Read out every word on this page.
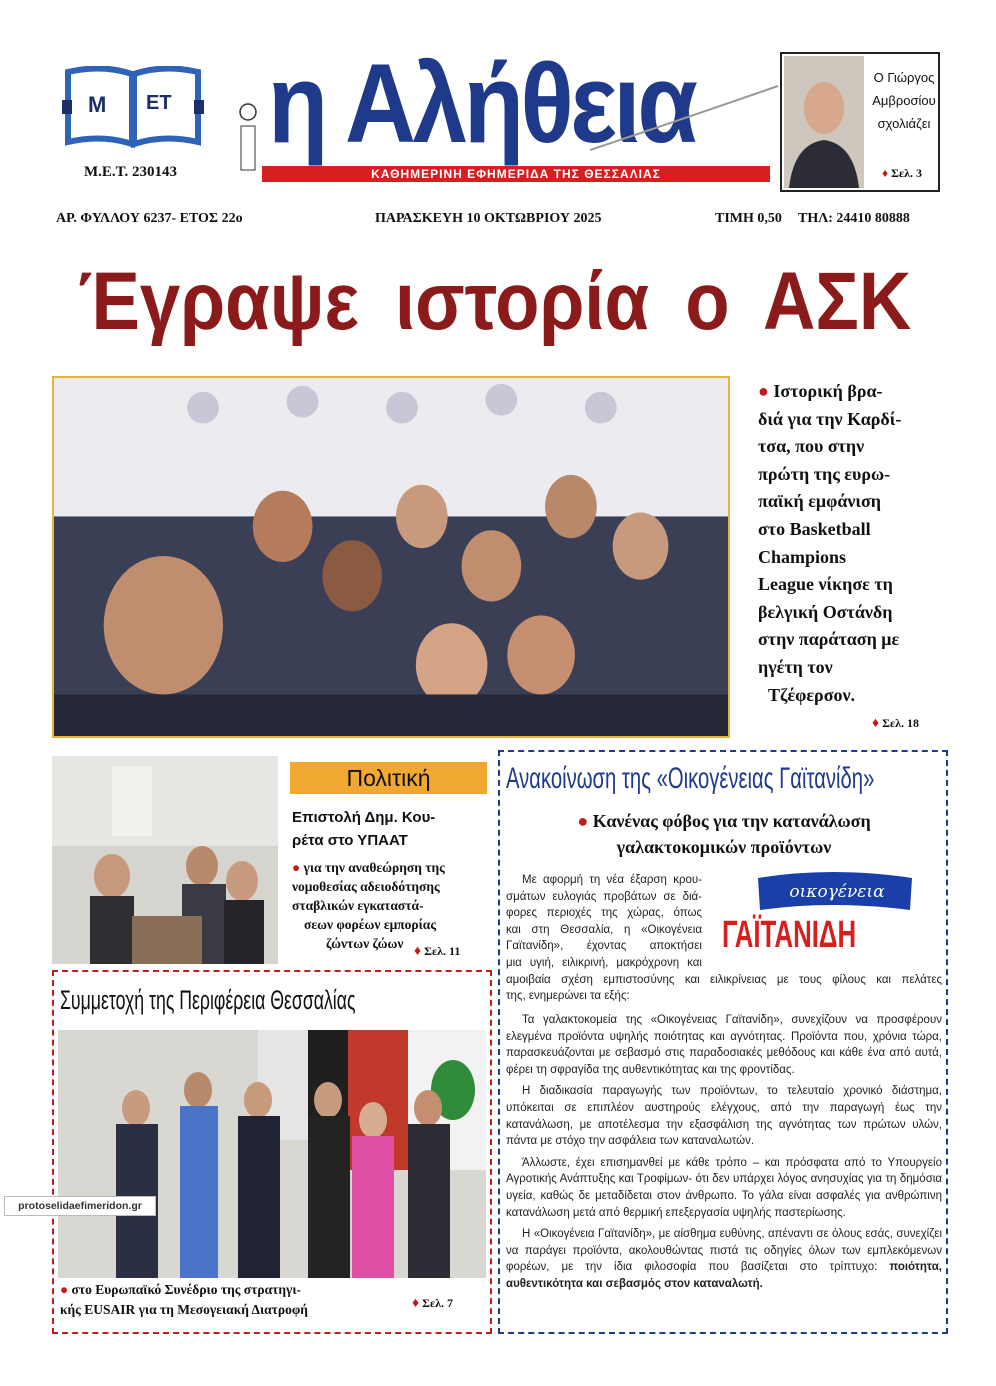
Μ ΕΤ
Μ.Ε.Τ. 230143
η Αλήθεια
ΚΑΘΗΜΕΡΙΝΗ ΕΦΗΜΕΡΙΔΑ ΤΗΣ ΘΕΣΣΑΛΙΑΣ
Ο Γιώργος
Αμβροσίου
σχολιάζει
♦ Σελ. 3
ΑΡ. ΦΥΛΛΟΥ 6237- ΕΤΟΣ 22ο	ΠΑΡΑΣΚΕΥΗ 10 ΟΚΤΩΒΡΙΟΥ 2025	ΤΙΜΗ 0,50 ΤΗΛ: 24410 80888
Έγραψε ιστορία ο ΑΣΚ
● Ιστορική βρα-
διά για την Καρδί-
τσα, που στην
πρώτη της ευρω-
παϊκή εμφάνιση
στο Basketball
Champions
League νίκησε τη
βελγική Οστάνδη
στην παράταση με
ηγέτη τον
Τζέφερσον.
♦ Σελ. 18
Πολιτική
Επιστολή Δημ. Κου-
ρέτα στο ΥΠΑΑΤ
● για την αναθεώρηση της
νομοθεσίας αδειοδότησης
σταβλικών εγκαταστά-
σεων φορέων εμπορίας
ζώντων ζώων
♦ Σελ. 11
Συμμετοχή της Περιφέρεια Θεσσαλίας
● στο Ευρωπαϊκό Συνέδριο της στρατηγι-
κής EUSAIR για τη Μεσογειακή Διατροφή	♦ Σελ. 7
protoselidaefimeridon.gr
Ανακοίνωση της «Οικογένειας Γαϊτανίδη»
● Κανένας φόβος για την κατανάλωση
γαλακτοκομικών προϊόντων
οικογένεια
ΓΑΪΤΑΝΙΔΗ
Με αφορμή τη νέα έξαρση κρου-
σμάτων ευλογιάς προβάτων σε διά-
φορες περιοχές της χώρας, όπως
και στη Θεσσαλία, η «Οικογένεια
Γαϊτανίδη», έχοντας αποκτήσει
μια υγιή, ειλικρινή, μακρόχρονη και
αμοιβαία σχέση εμπιστοσύνης και ειλικρίνειας με τους φίλους και πελάτες
της, ενημερώνει τα εξής:

Τα γαλακτοκομεία της «Οικογένειας Γαϊτανίδη», συνεχίζουν να προσφέρουν ελεγμένα προϊόντα υψηλής ποιότητας και αγνότητας. Προϊόντα που, χρόνια τώρα, παρασκευάζονται με σεβασμό στις παραδοσιακές μεθόδους και κάθε ένα από αυτά, φέρει τη σφραγίδα της αυθεντικότητας και της φροντίδας.

Η διαδικασία παραγωγής των προϊόντων, το τελευταίο χρονικό διάστημα, υπόκειται σε επιπλέον αυστηρούς ελέγχους, από την παραγωγή έως την κατανάλωση, με αποτέλεσμα την εξασφάλιση της αγνότητας των πρώτων υλών, πάντα με στόχο την ασφάλεια των καταναλωτών.

Άλλωστε, έχει επισημανθεί με κάθε τρόπο – και πρόσφατα από το Υπουργείο Αγροτικής Ανάπτυξης και Τροφίμων- ότι δεν υπάρχει λόγος ανησυχίας για τη δημόσια υγεία, καθώς δε μεταδίδεται στον άνθρωπο. Το γάλα είναι ασφαλές για ανθρώπινη κατανάλωση μετά από θερμική επεξεργασία υψηλής παστερίωσης.

Η «Οικογένεια Γαϊτανίδη», με αίσθημα ευθύνης, απέναντι σε όλους εσάς, συνεχίζει να παράγει προϊόντα, ακολουθώντας πιστά τις οδηγίες όλων των εμπλεκόμενων φορέων, με την ίδια φιλοσοφία που βασίζεται στο τρίπτυχο: ποιότητα, αυθεντικότητα και σεβασμός στον καταναλωτή.
